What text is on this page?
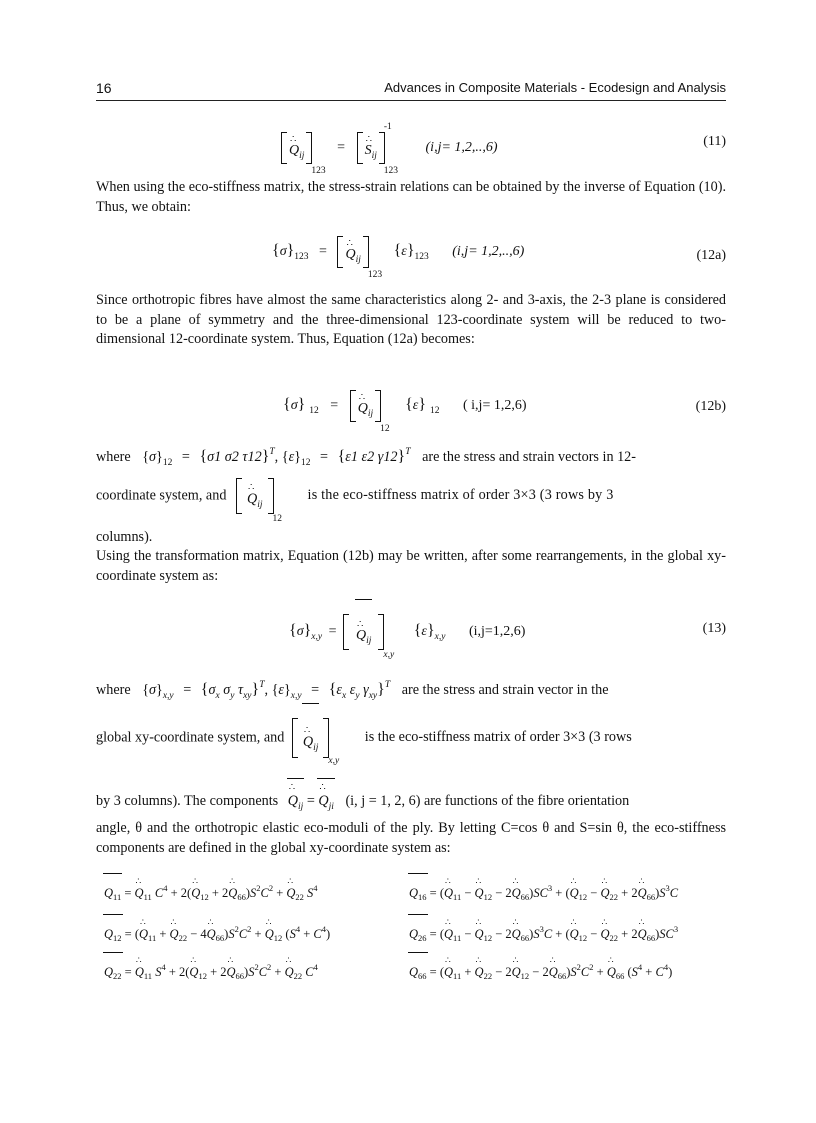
16	Advances in Composite Materials - Ecodesign and Analysis
∴ $Q_{ij}123$ = ∴ $S_{ij}-1123$ (i,j= 1,2,..,6)	(11)
When using the eco-stiffness matrix, the stress-strain relations can be obtained by the inverse of Equation (10). Thus, we obtain:
$\{\sigma\}_{123}$ = ∴ $Q_{ij}123$ $\{\varepsilon\}_{123}$ (i,j= 1,2,..,6)	(12a)
Since orthotropic fibres have almost the same characteristics along 2- and 3-axis, the 2-3 plane is considered to be a plane of symmetry and the three-dimensional 123-coordinate system will be reduced to two-dimensional 12-coordinate system. Thus, Equation (12a) becomes:
{σ} $_{12}$ = ∴ $Q_{ij}12$ {ε} $_{12}$ ( i,j= 1,2,6)	(12b)
where $\{\sigma\}_{12} = \{\sigma 1$ σ2 τ12}$^T$, $\{\varepsilon\}_{12} = \{\varepsilon 1$ ε2 γ12}$^T$ are the stress and strain vectors in 12-
coordinate system, and ∴ $Q_{ij}12$ is the eco-stiffness matrix of order 3×3 (3 rows by 3
columns).
Using the transformation matrix, Equation (12b) may be written, after some rearrangements, in the global xy-coordinate system as:
$\{\sigma\}_{x,y}$ = ∴ $Q_{ij}x,y$ $\{\varepsilon\}_{x,y}$ (i,j=1,2,6)	(13)
where $\{\sigma\}_{x,y} = \{\sigma_x$ $\sigma_y$ $\tau_{xy}\}^T$, $\{\varepsilon\}_{x,y} = \{\varepsilon_x$ $\varepsilon_y$ $\gamma_{xy}\}^T$ are the stress and strain vector in the
global xy-coordinate system, and ∴ $Q_{ij}x,y$ is the eco-stiffness matrix of order 3×3 (3 rows
by 3 columns). The components ∴ $Q_{ij}$ = ∴ $Q_{ji}$ (i, j = 1, 2, 6) are functions of the fibre orientation
angle, θ and the orthotropic elastic eco-moduli of the ply. By letting C=cos θ and S=sin θ, the eco-stiffness components are defined in the global xy-coordinate system as:
$Q_{11}$ = ∴ $Q_{11}$ $C^4$ + 2(∴ $Q_{12}$ + 2∴ $Q_{66})S^2C^2$ + ∴ $Q_{22}$ $S^4$
$Q_{12}$ = (∴ $Q_{11}$ + ∴ $Q_{22}$ − 4∴ $Q_{66})S^2C^2$ + ∴ $Q_{12}$ $(S^4 + C^4)$
$Q_{22}$ = ∴ $Q_{11}$ $S^4$ + 2(∴ $Q_{12}$ + 2∴ $Q_{66})S^2C^2$ + ∴ $Q_{22}$ $C^4$
$Q_{16}$ = (∴ $Q_{11}$ − ∴ $Q_{12}$ − 2∴ $Q_{66})SC^3$ + (∴ $Q_{12}$ − ∴ $Q_{22}$ + 2∴ $Q_{66})S^3C$
$Q_{26}$ = (∴ $Q_{11}$ − ∴ $Q_{12}$ − 2∴ $Q_{66})S^3C$ + (∴ $Q_{12}$ − ∴ $Q_{22}$ + 2∴ $Q_{66})SC^3$
$Q_{66}$ = (∴ $Q_{11}$ + ∴ $Q_{22}$ − 2∴ $Q_{12}$ − 2∴ $Q_{66})S^2C^2$ + ∴ $Q_{66}$ $(S^4 + C^4)$
